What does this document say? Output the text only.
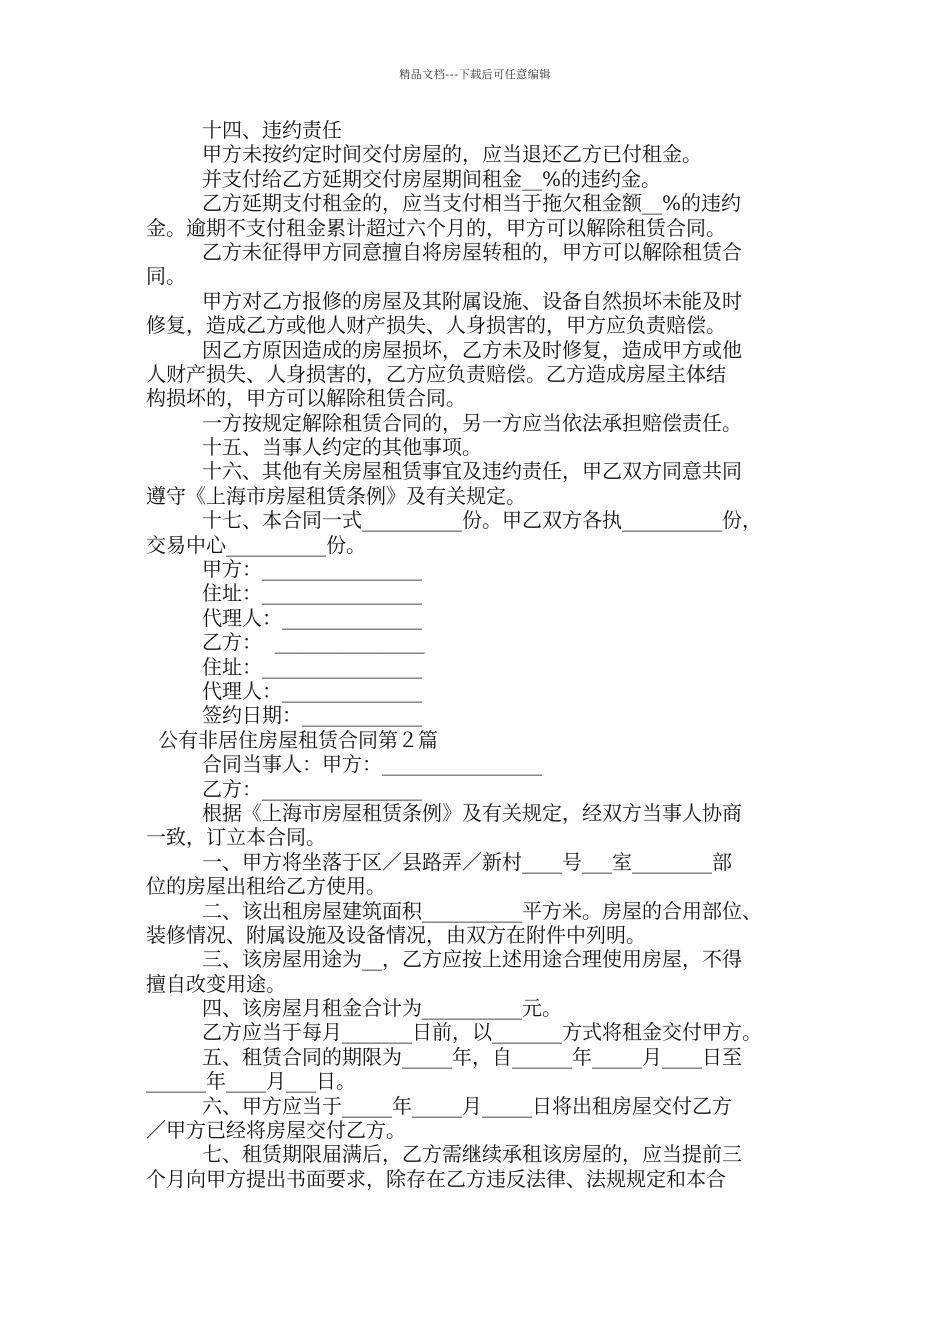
精品文档---下载后可任意编辑
十四、违约责任
甲方未按约定时间交付房屋的，应当退还乙方已付租金。
并支付给乙方延期交付房屋期间租金__%的违约金。
乙方延期支付租金的，应当支付相当于拖欠租金额__%的违约
金。逾期不支付租金累计超过六个月的，甲方可以解除租赁合同。
乙方未征得甲方同意擅自将房屋转租的，甲方可以解除租赁合
同。
甲方对乙方报修的房屋及其附属设施、设备自然损坏未能及时
修复，造成乙方或他人财产损失、人身损害的，甲方应负责赔偿。
因乙方原因造成的房屋损坏，乙方未及时修复，造成甲方或他
人财产损失、人身损害的，乙方应负责赔偿。乙方造成房屋主体结
构损坏的，甲方可以解除租赁合同。
一方按规定解除租赁合同的，另一方应当依法承担赔偿责任。
十五、当事人约定的其他事项。
十六、其他有关房屋租赁事宜及违约责任，甲乙双方同意共同
遵守《上海市房屋租赁条例》及有关规定。
十七、本合同一式__________份。甲乙双方各执__________份，
交易中心__________份。
甲方：________________
住址：________________
代理人：______________
乙方：  _______________
住址：________________
代理人：______________
签约日期：____________
公有非居住房屋租赁合同第２篇
合同当事人：甲方：________________
乙方：________________
根据《上海市房屋租赁条例》及有关规定，经双方当事人协商
一致，订立本合同。
一、甲方将坐落于区／县路弄／新村____号___室________部
位的房屋出租给乙方使用。
二、该出租房屋建筑面积__________平方米。房屋的合用部位、
装修情况、附属设施及设备情况，由双方在附件中列明。
三、该房屋用途为__，乙方应按上述用途合理使用房屋，不得
擅自改变用途。
四、该房屋月租金合计为__________元。
乙方应当于每月_______日前，以_______方式将租金交付甲方。
五、租赁合同的期限为_____年，自______年_____月____日至
______年____月___日。
六、甲方应当于_____年_____月_____日将出租房屋交付乙方
／甲方已经将房屋交付乙方。
七、租赁期限届满后，乙方需继续承租该房屋的，应当提前三
个月向甲方提出书面要求，除存在乙方违反法律、法规规定和本合
